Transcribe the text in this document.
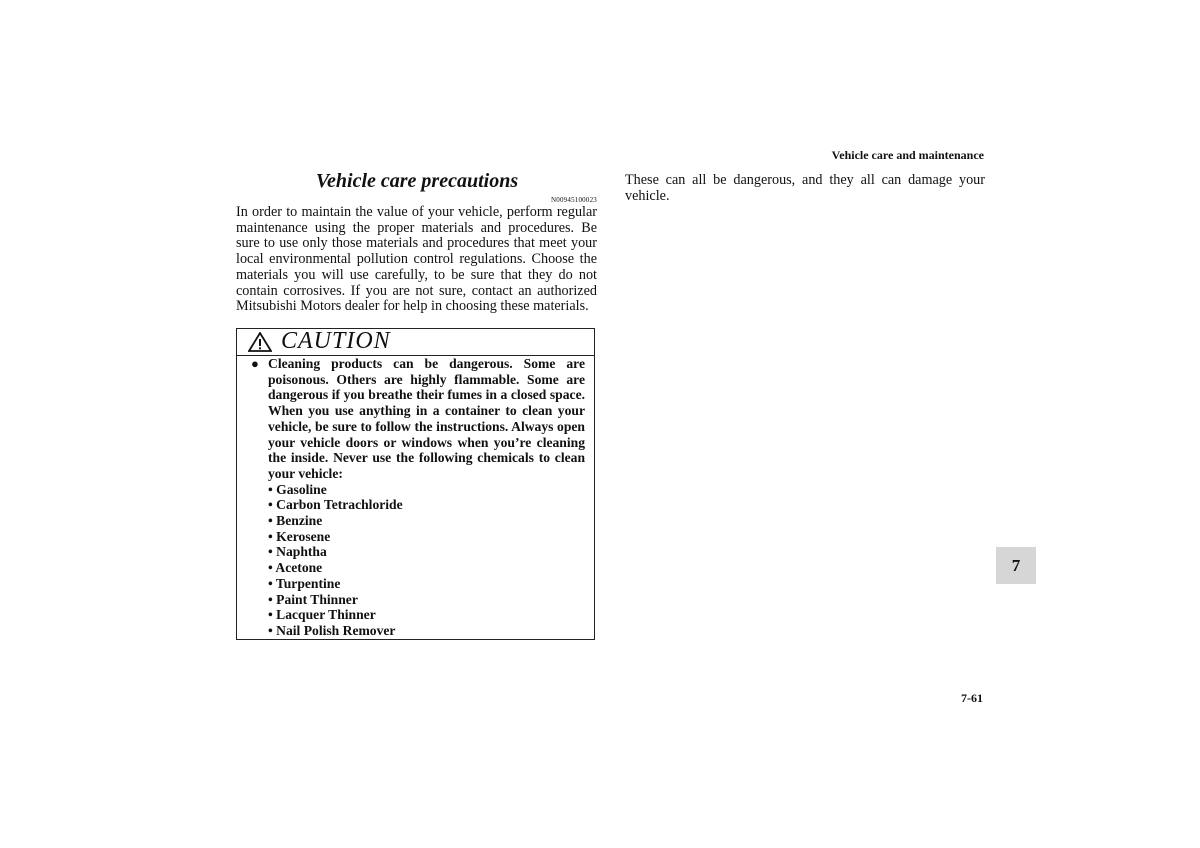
Vehicle care and maintenance
Vehicle care precautions
N00945100023
In order to maintain the value of your vehicle, perform regular maintenance using the proper materials and procedures. Be sure to use only those materials and procedures that meet your local environmental pollution control regulations. Choose the materials you will use carefully, to be sure that they do not contain corrosives. If you are not sure, contact an authorized Mitsubishi Motors dealer for help in choosing these materials.
CAUTION
● Cleaning products can be dangerous. Some are poisonous. Others are highly flammable. Some are dangerous if you breathe their fumes in a closed space. When you use anything in a container to clean your vehicle, be sure to follow the instructions. Always open your vehicle doors or windows when you’re cleaning the inside. Never use the following chemicals to clean your vehicle:
• Gasoline
• Carbon Tetrachloride
• Benzine
• Kerosene
• Naphtha
• Acetone
• Turpentine
• Paint Thinner
• Lacquer Thinner
• Nail Polish Remover
These can all be dangerous, and they all can damage your vehicle.
7
7-61
